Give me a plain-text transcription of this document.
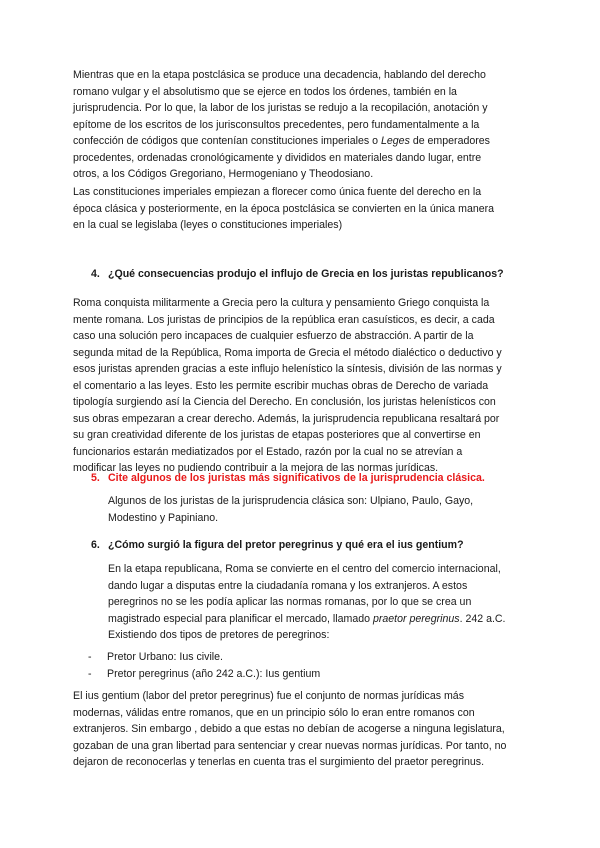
Mientras que en la etapa postclásica se produce una decadencia, hablando del derecho
romano vulgar y el absolutismo que se ejerce en todos los órdenes, también en la
jurisprudencia. Por lo que, la labor de los juristas se redujo a la recopilación, anotación y
epítome de los escritos de los jurisconsultos precedentes, pero fundamentalmente a la
confección de códigos que contenían constituciones imperiales o Leges de emperadores
procedentes, ordenadas cronológicamente y divididos en materiales dando lugar, entre
otros, a los Códigos Gregoriano, Hermogeniano y Theodosiano.
Las constituciones imperiales empiezan a florecer como única fuente del derecho en la
época clásica y posteriormente, en la época postclásica se convierten en la única manera
en la cual se legislaba (leyes o constituciones imperiales)
4. ¿Qué consecuencias produjo el influjo de Grecia en los juristas republicanos?
Roma conquista militarmente a Grecia pero la cultura y pensamiento Griego conquista la
mente romana. Los juristas de principios de la república eran casuísticos, es decir, a cada
caso una solución pero incapaces de cualquier esfuerzo de abstracción. A partir de la
segunda mitad de la República, Roma importa de Grecia el método dialéctico o deductivo y
esos juristas aprenden gracias a este influjo helenístico la síntesis, división de las normas y
el comentario a las leyes. Esto les permite escribir muchas obras de Derecho de variada
tipología surgiendo así la Ciencia del Derecho. En conclusión, los juristas helenísticos con
sus obras empezaran a crear derecho. Además, la jurisprudencia republicana resaltará por
su gran creatividad diferente de los juristas de etapas posteriores que al convertirse en
funcionarios estarán mediatizados por el Estado, razón por la cual no se atrevían a
modificar las leyes no pudiendo contribuir a la mejora de las normas jurídicas.
5. Cite algunos de los juristas más significativos de la jurisprudencia clásica.
Algunos de los juristas de la jurisprudencia clásica son: Ulpiano, Paulo, Gayo,
Modestino y Papiniano.
6. ¿Cómo surgió la figura del pretor peregrinus y qué era el ius gentium?
En la etapa republicana, Roma se convierte en el centro del comercio internacional,
dando lugar a disputas entre la ciudadanía romana y los extranjeros. A estos
peregrinos no se les podía aplicar las normas romanas, por lo que se crea un
magistrado especial para planificar el mercado, llamado praetor peregrinus. 242 a.C.
Existiendo dos tipos de pretores de peregrinos:
- Pretor Urbano: Ius civile.
- Pretor peregrinus (año 242 a.C.): Ius gentium
El ius gentium (labor del pretor peregrinus) fue el conjunto de normas jurídicas más
modernas, válidas entre romanos, que en un principio sólo lo eran entre romanos con
extranjeros. Sin embargo , debido a que estas no debían de acogerse a ninguna legislatura,
gozaban de una gran libertad para sentenciar y crear nuevas normas jurídicas. Por tanto, no
dejaron de reconocerlas y tenerlas en cuenta tras el surgimiento del praetor peregrinus.
